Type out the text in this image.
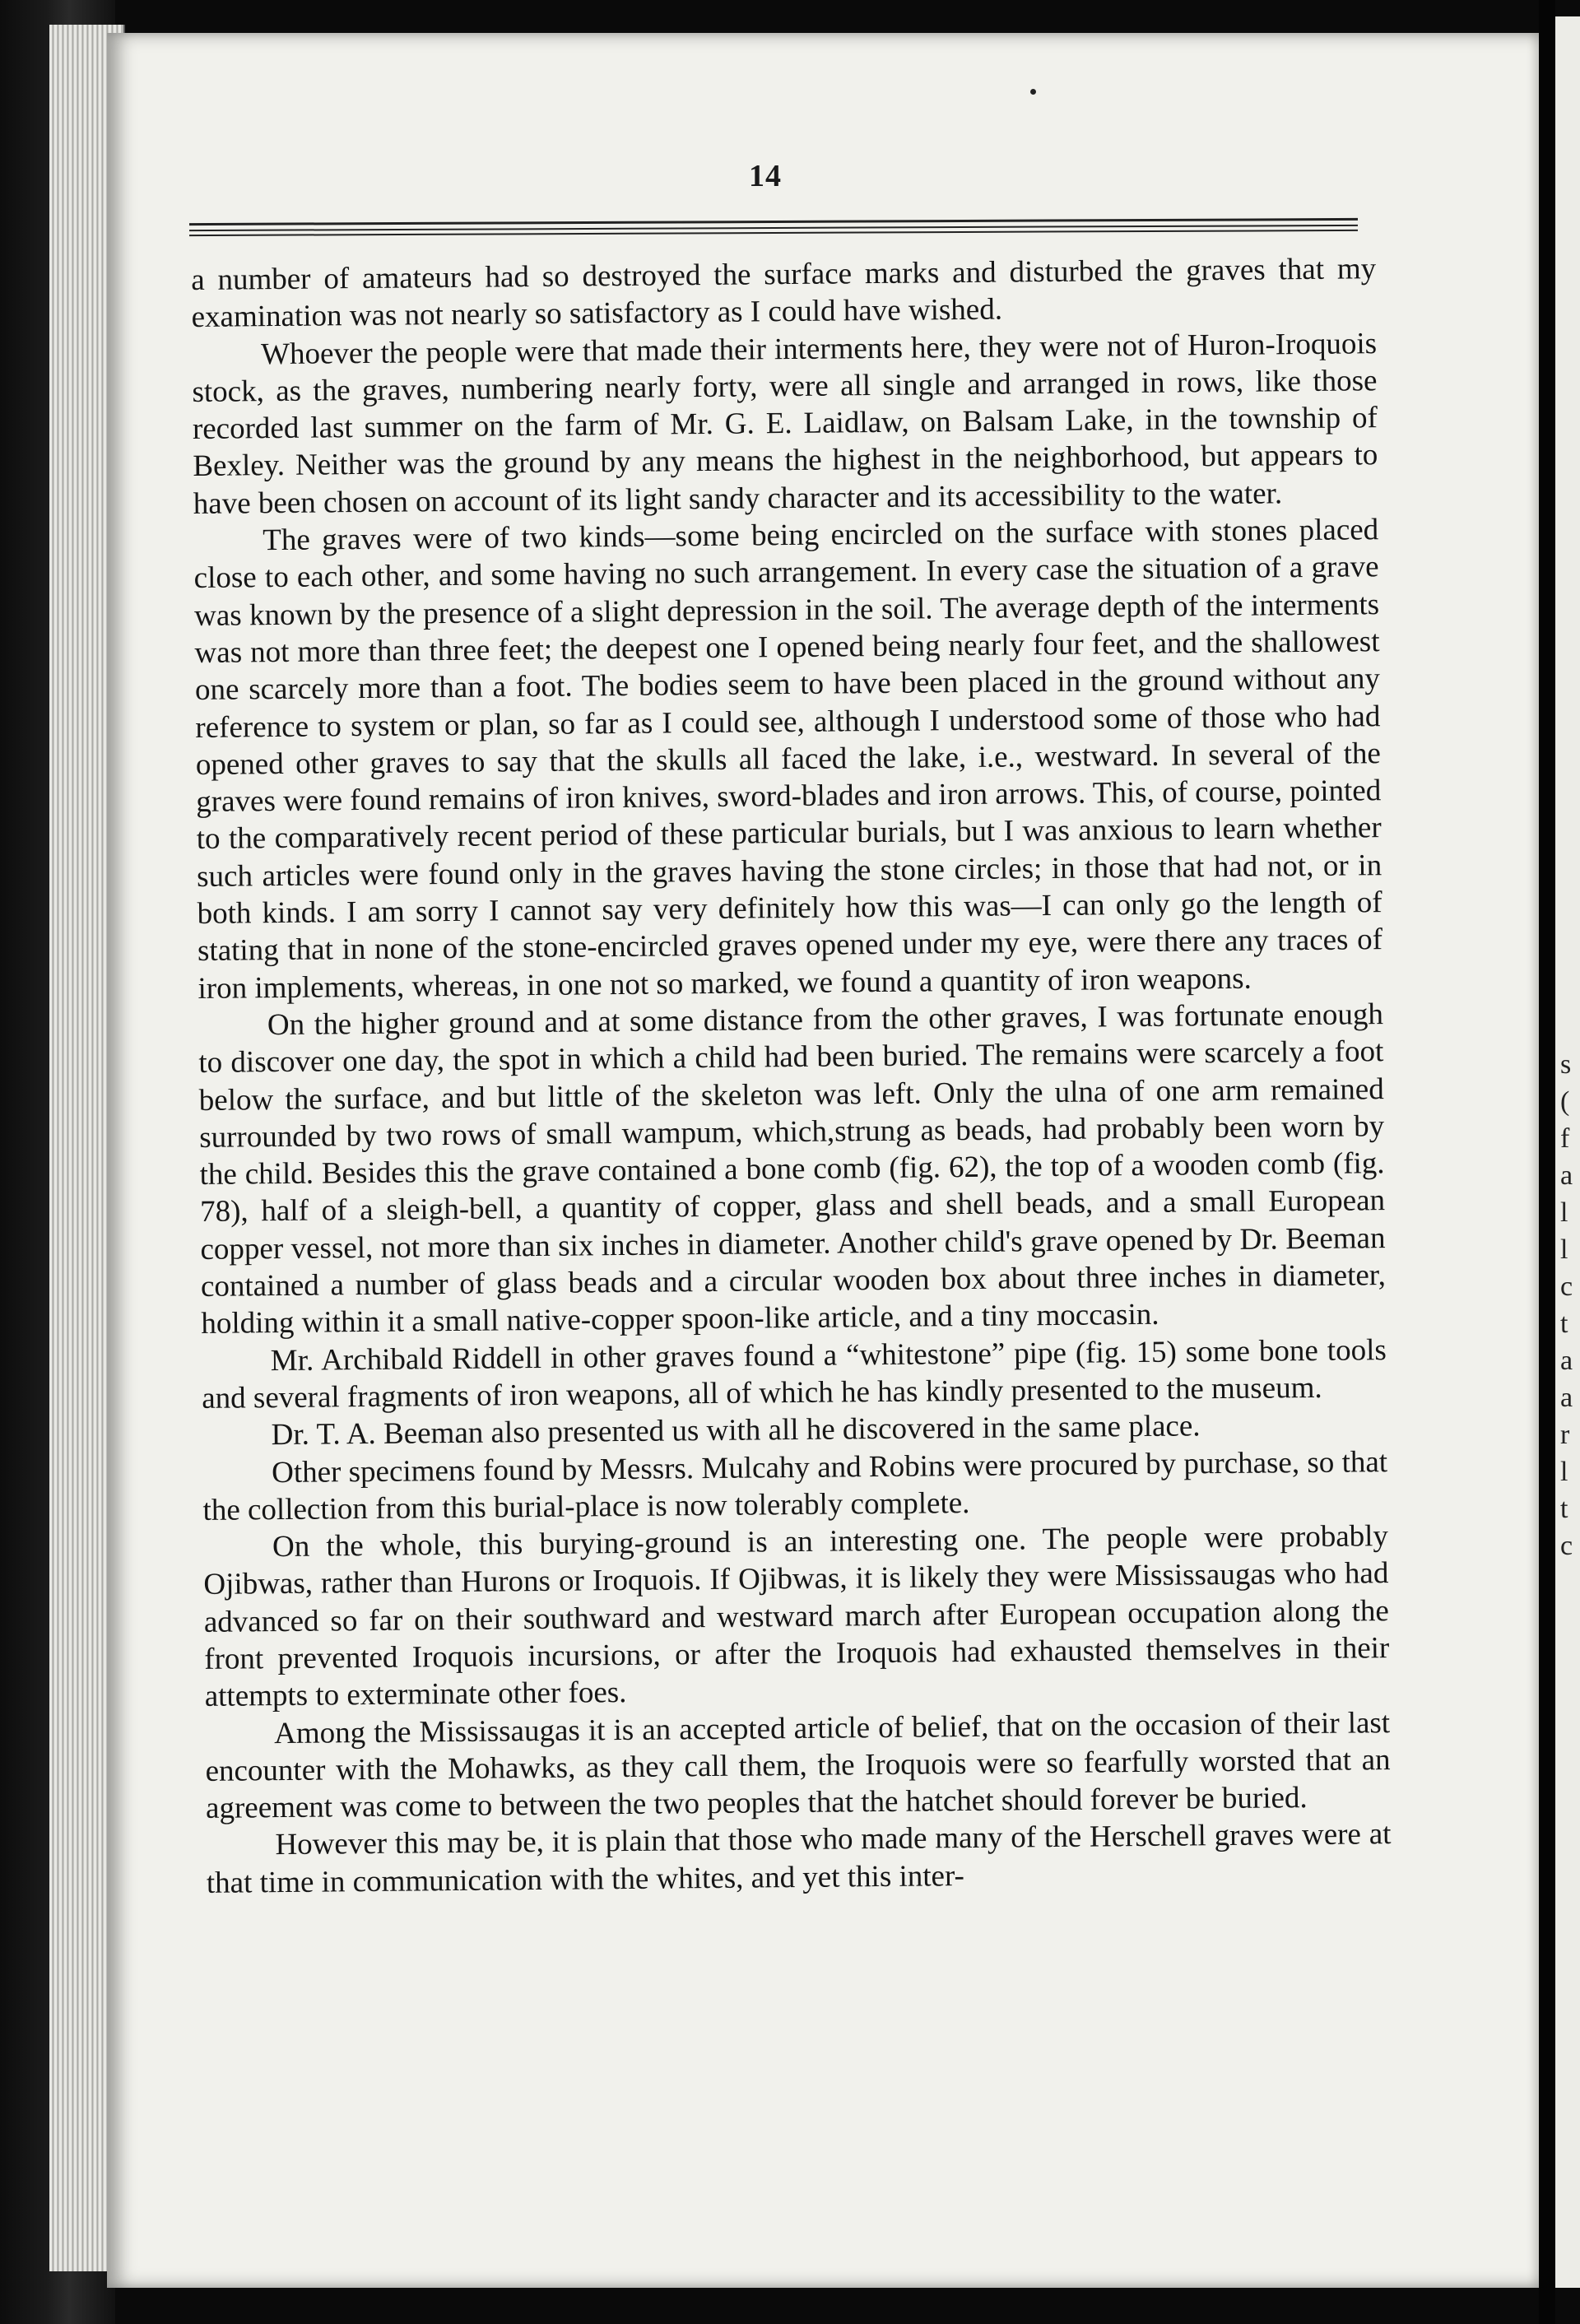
s
(
f
a
l
l
c
t
a
a
r
l
t
c
14

a number of amateurs had so destroyed the surface marks and disturbed the graves that my examination was not nearly so satisfactory as I could have wished.

Whoever the people were that made their interments here, they were not of Huron-Iroquois stock, as the graves, numbering nearly forty, were all single and arranged in rows, like those recorded last summer on the farm of Mr. G. E. Laidlaw, on Balsam Lake, in the township of Bexley. Neither was the ground by any means the highest in the neighborhood, but appears to have been chosen on account of its light sandy character and its accessibility to the water.

The graves were of two kinds—some being encircled on the surface with stones placed close to each other, and some having no such arrangement. In every case the situation of a grave was known by the presence of a slight depression in the soil. The average depth of the interments was not more than three feet; the deepest one I opened being nearly four feet, and the shallowest one scarcely more than a foot. The bodies seem to have been placed in the ground without any reference to system or plan, so far as I could see, although I understood some of those who had opened other graves to say that the skulls all faced the lake, i.e., westward. In several of the graves were found remains of iron knives, sword-blades and iron arrows. This, of course, pointed to the comparatively recent period of these particular burials, but I was anxious to learn whether such articles were found only in the graves having the stone circles; in those that had not, or in both kinds. I am sorry I cannot say very definitely how this was—I can only go the length of stating that in none of the stone-encircled graves opened under my eye, were there any traces of iron implements, whereas, in one not so marked, we found a quantity of iron weapons.

On the higher ground and at some distance from the other graves, I was fortunate enough to discover one day, the spot in which a child had been buried. The remains were scarcely a foot below the surface, and but little of the skeleton was left. Only the ulna of one arm remained surrounded by two rows of small wampum, which,strung as beads, had probably been worn by the child. Besides this the grave contained a bone comb (fig. 62), the top of a wooden comb (fig. 78), half of a sleigh-bell, a quantity of copper, glass and shell beads, and a small European copper vessel, not more than six inches in diameter. Another child's grave opened by Dr. Beeman contained a number of glass beads and a circular wooden box about three inches in diameter, holding within it a small native-copper spoon-like article, and a tiny moccasin.

Mr. Archibald Riddell in other graves found a “whitestone” pipe (fig. 15) some bone tools and several fragments of iron weapons, all of which he has kindly presented to the museum.

Dr. T. A. Beeman also presented us with all he discovered in the same place.

Other specimens found by Messrs. Mulcahy and Robins were procured by purchase, so that the collection from this burial-place is now tolerably complete.

On the whole, this burying-ground is an interesting one. The people were probably Ojibwas, rather than Hurons or Iroquois. If Ojibwas, it is likely they were Mississaugas who had advanced so far on their southward and westward march after European occupation along the front prevented Iroquois incursions, or after the Iroquois had exhausted themselves in their attempts to exterminate other foes.

Among the Mississaugas it is an accepted article of belief, that on the occasion of their last encounter with the Mohawks, as they call them, the Iroquois were so fearfully worsted that an agreement was come to between the two peoples that the hatchet should forever be buried.

However this may be, it is plain that those who made many of the Herschell graves were at that time in communication with the whites, and yet this inter-
